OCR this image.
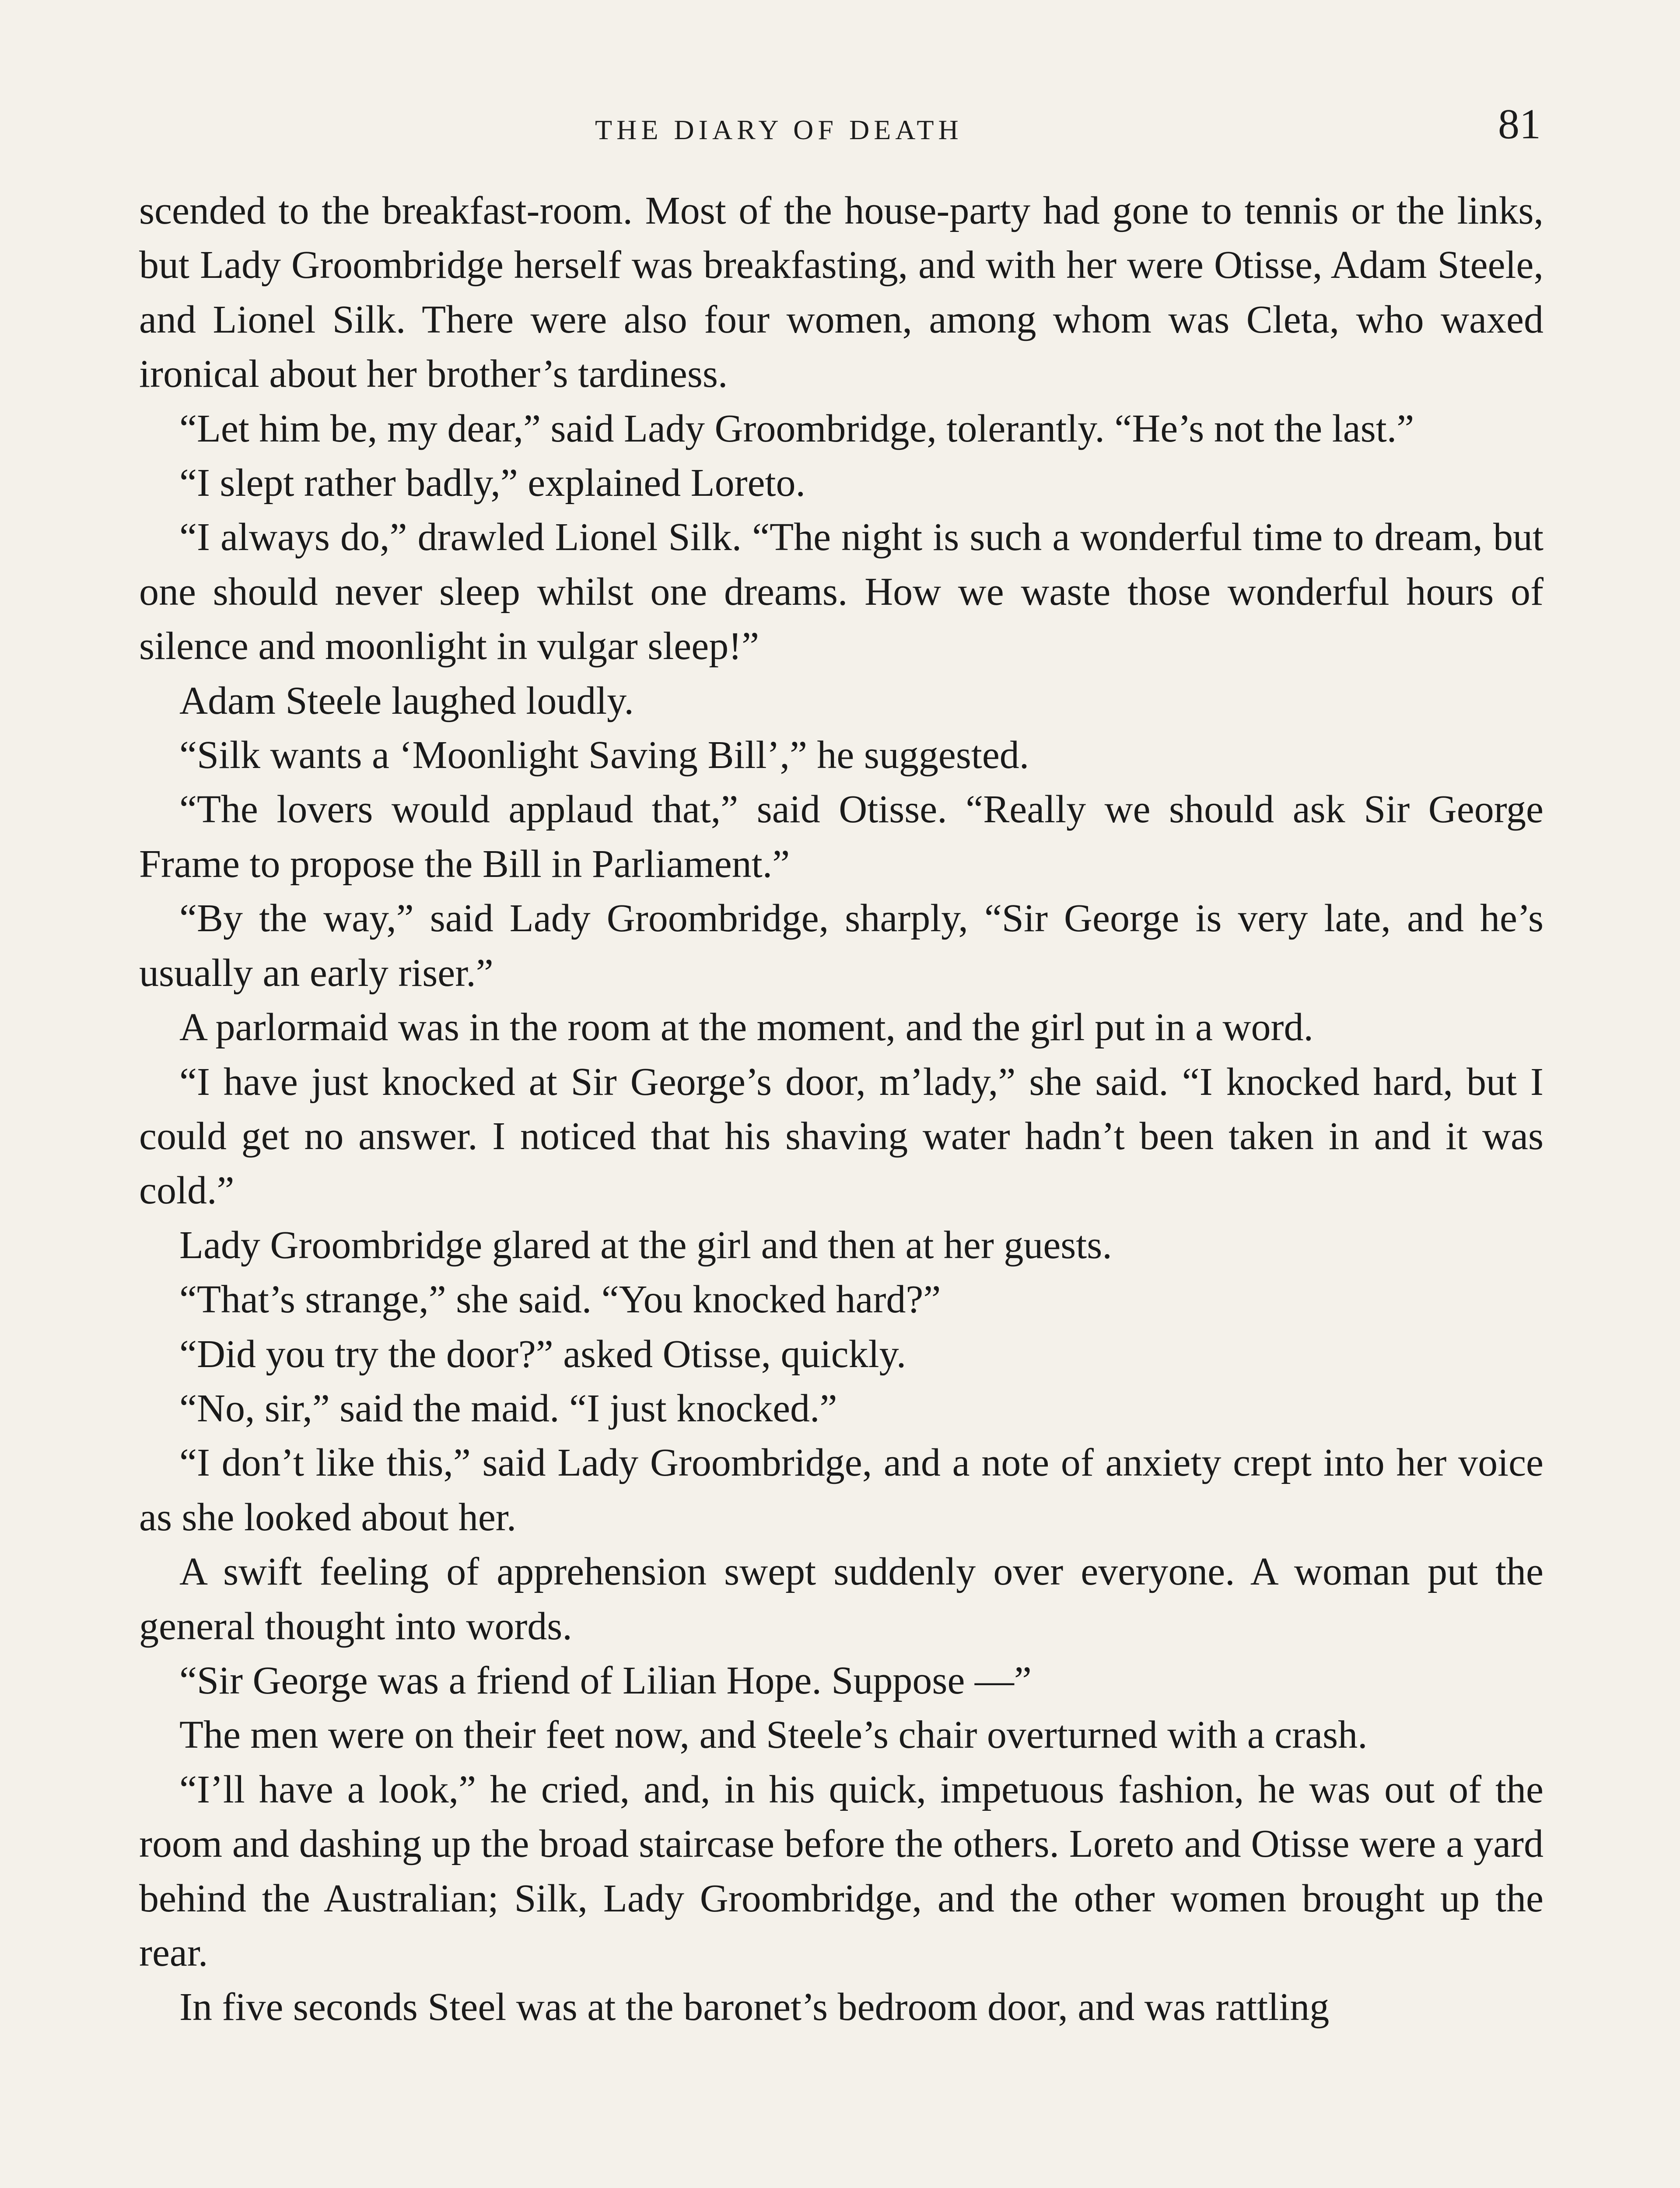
THE DIARY OF DEATH	81

scended to the breakfast-room. Most of the house-party had gone to tennis or the links, but Lady Groombridge herself was breakfasting, and with her were Otisse, Adam Steele, and Lionel Silk. There were also four women, among whom was Cleta, who waxed ironical about her brother’s tardiness.

“Let him be, my dear,” said Lady Groombridge, tolerantly. “He’s not the last.”

“I slept rather badly,” explained Loreto.

“I always do,” drawled Lionel Silk. “The night is such a wonderful time to dream, but one should never sleep whilst one dreams. How we waste those wonderful hours of silence and moonlight in vulgar sleep!”

Adam Steele laughed loudly.

“Silk wants a ‘Moonlight Saving Bill’,” he suggested.

“The lovers would applaud that,” said Otisse. “Really we should ask Sir George Frame to propose the Bill in Parliament.”

“By the way,” said Lady Groombridge, sharply, “Sir George is very late, and he’s usually an early riser.”

A parlormaid was in the room at the moment, and the girl put in a word.

“I have just knocked at Sir George’s door, m’lady,” she said. “I knocked hard, but I could get no answer. I noticed that his shaving water hadn’t been taken in and it was cold.”

Lady Groombridge glared at the girl and then at her guests.

“That’s strange,” she said. “You knocked hard?”

“Did you try the door?” asked Otisse, quickly.

“No, sir,” said the maid. “I just knocked.”

“I don’t like this,” said Lady Groombridge, and a note of anxiety crept into her voice as she looked about her.

A swift feeling of apprehension swept suddenly over everyone. A woman put the general thought into words.

“Sir George was a friend of Lilian Hope. Suppose —”

The men were on their feet now, and Steele’s chair overturned with a crash.

“I’ll have a look,” he cried, and, in his quick, impetuous fashion, he was out of the room and dashing up the broad staircase before the others. Loreto and Otisse were a yard behind the Australian; Silk, Lady Groombridge, and the other women brought up the rear.

In five seconds Steel was at the baronet’s bedroom door, and was rattling
